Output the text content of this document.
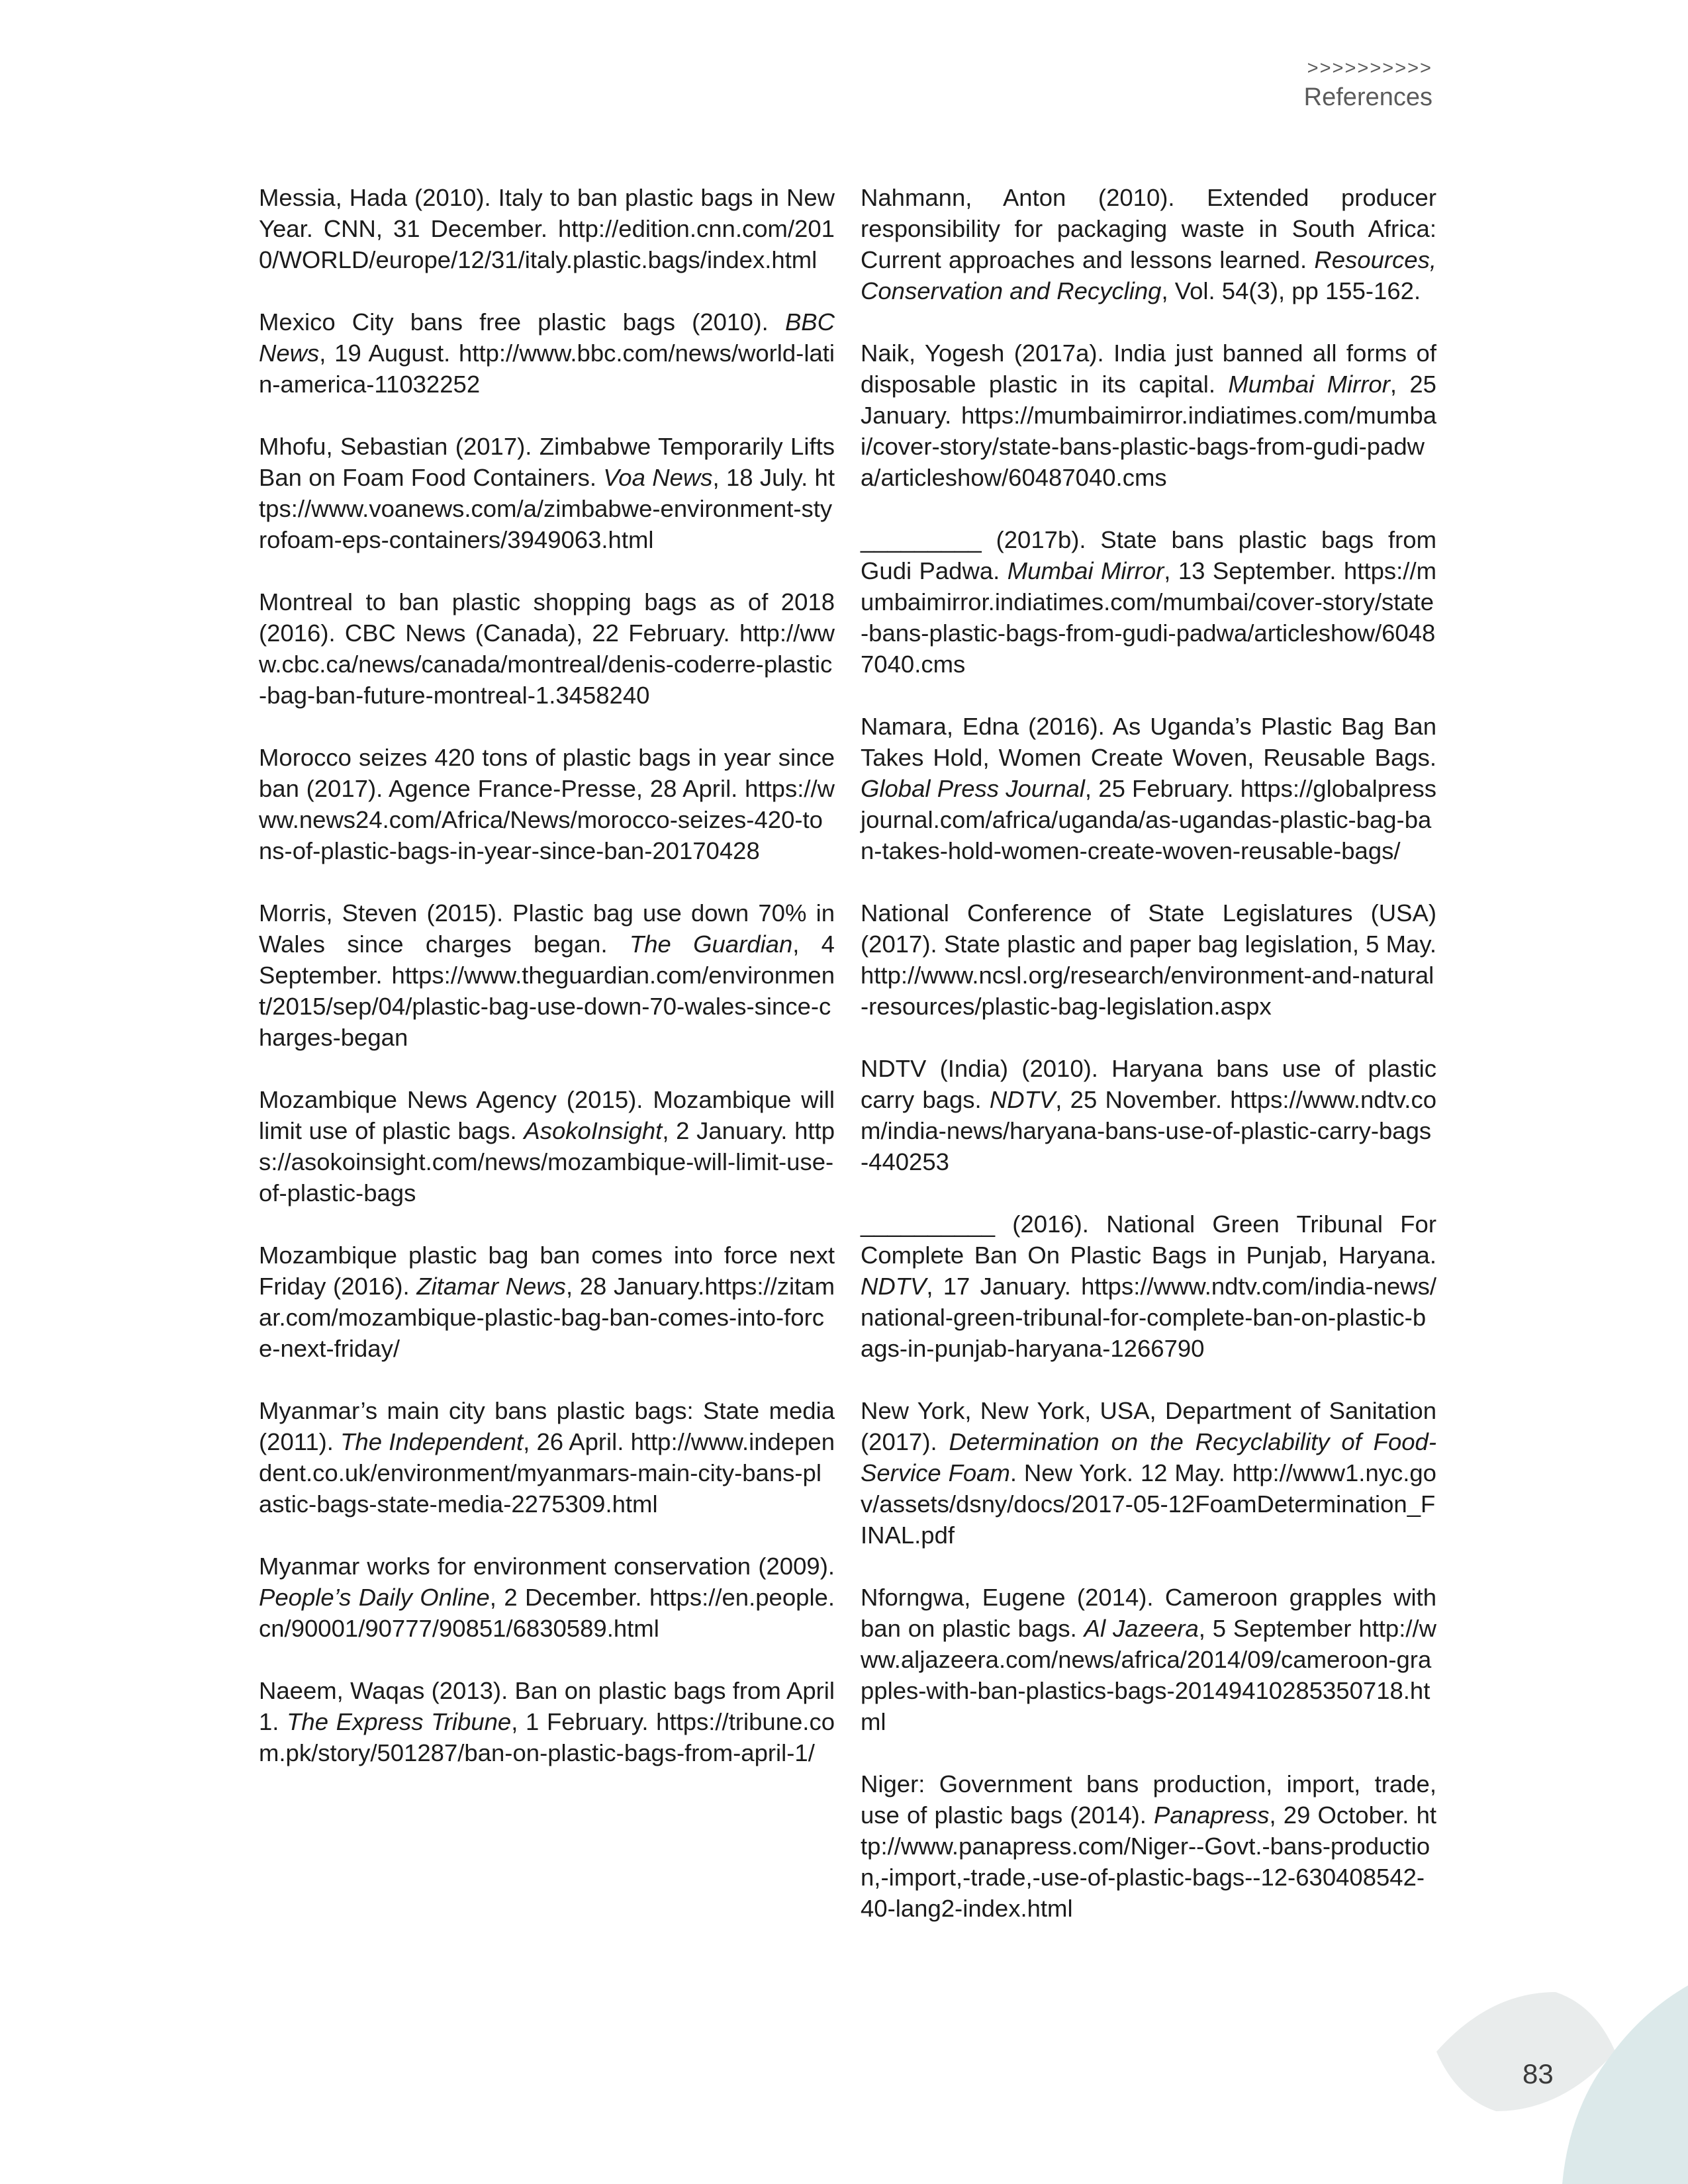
>>>>>>>>>>
References

Messia, Hada (2010). Italy to ban plastic bags in New Year. CNN, 31 December. http://edition.cnn.com/2010/WORLD/europe/12/31/italy.plastic.bags/index.html

Mexico City bans free plastic bags (2010). BBC News, 19 August. http://www.bbc.com/news/world-latin-america-11032252

Mhofu, Sebastian (2017). Zimbabwe Temporarily Lifts Ban on Foam Food Containers. Voa News, 18 July. https://www.voanews.com/a/zimbabwe-environment-styrofoam-eps-containers/3949063.html

Montreal to ban plastic shopping bags as of 2018 (2016). CBC News (Canada), 22 February. http://www.cbc.ca/news/canada/montreal/denis-coderre-plastic-bag-ban-future-montreal-1.3458240

Morocco seizes 420 tons of plastic bags in year since ban (2017). Agence France-Presse, 28 April. https://www.news24.com/Africa/News/morocco-seizes-420-tons-of-plastic-bags-in-year-since-ban-20170428

Morris, Steven (2015). Plastic bag use down 70% in Wales since charges began. The Guardian, 4 September. https://www.theguardian.com/environment/2015/sep/04/plastic-bag-use-down-70-wales-since-charges-began

Mozambique News Agency (2015). Mozambique will limit use of plastic bags. AsokoInsight, 2 January. https://asokoinsight.com/news/mozambique-will-limit-use-of-plastic-bags

Mozambique plastic bag ban comes into force next Friday (2016). Zitamar News, 28 January.https://zitamar.com/mozambique-plastic-bag-ban-comes-into-force-next-friday/

Myanmar’s main city bans plastic bags: State media (2011). The Independent, 26 April. http://www.independent.co.uk/environment/myanmars-main-city-bans-plastic-bags-state-media-2275309.html

Myanmar works for environment conservation (2009). People’s Daily Online, 2 December. https://en.people.cn/90001/90777/90851/6830589.html

Naeem, Waqas (2013). Ban on plastic bags from April 1. The Express Tribune, 1 February. https://tribune.com.pk/story/501287/ban-on-plastic-bags-from-april-1/

Nahmann, Anton (2010). Extended producer responsibility for packaging waste in South Africa: Current approaches and lessons learned. Resources, Conservation and Recycling, Vol. 54(3), pp 155-162.

Naik, Yogesh (2017a). India just banned all forms of disposable plastic in its capital. Mumbai Mirror, 25 January. https://mumbaimirror.indiatimes.com/mumbai/cover-story/state-bans-plastic-bags-from-gudi-padwa/articleshow/60487040.cms

_________ (2017b). State bans plastic bags from Gudi Padwa. Mumbai Mirror, 13 September. https://mumbaimirror.indiatimes.com/mumbai/cover-story/state-bans-plastic-bags-from-gudi-padwa/articleshow/60487040.cms

Namara, Edna (2016). As Uganda’s Plastic Bag Ban Takes Hold, Women Create Woven, Reusable Bags. Global Press Journal, 25 February. https://globalpressjournal.com/africa/uganda/as-ugandas-plastic-bag-ban-takes-hold-women-create-woven-reusable-bags/

National Conference of State Legislatures (USA) (2017). State plastic and paper bag legislation, 5 May. http://www.ncsl.org/research/environment-and-natural-resources/plastic-bag-legislation.aspx

NDTV (India) (2010). Haryana bans use of plastic carry bags. NDTV, 25 November. https://www.ndtv.com/india-news/haryana-bans-use-of-plastic-carry-bags-440253

__________ (2016). National Green Tribunal For Complete Ban On Plastic Bags in Punjab, Haryana. NDTV, 17 January. https://www.ndtv.com/india-news/national-green-tribunal-for-complete-ban-on-plastic-bags-in-punjab-haryana-1266790

New York, New York, USA, Department of Sanitation (2017). Determination on the Recyclability of Food-Service Foam. New York. 12 May. http://www1.nyc.gov/assets/dsny/docs/2017-05-12FoamDetermination_FINAL.pdf

Nforngwa, Eugene (2014). Cameroon grapples with ban on plastic bags. Al Jazeera, 5 September http://www.aljazeera.com/news/africa/2014/09/cameroon-grapples-with-ban-plastics-bags-20149410285350718.html

Niger: Government bans production, import, trade, use of plastic bags (2014). Panapress, 29 October. http://www.panapress.com/Niger--Govt.-bans-production,-import,-trade,-use-of-plastic-bags--12-630408542-40-lang2-index.html

83
